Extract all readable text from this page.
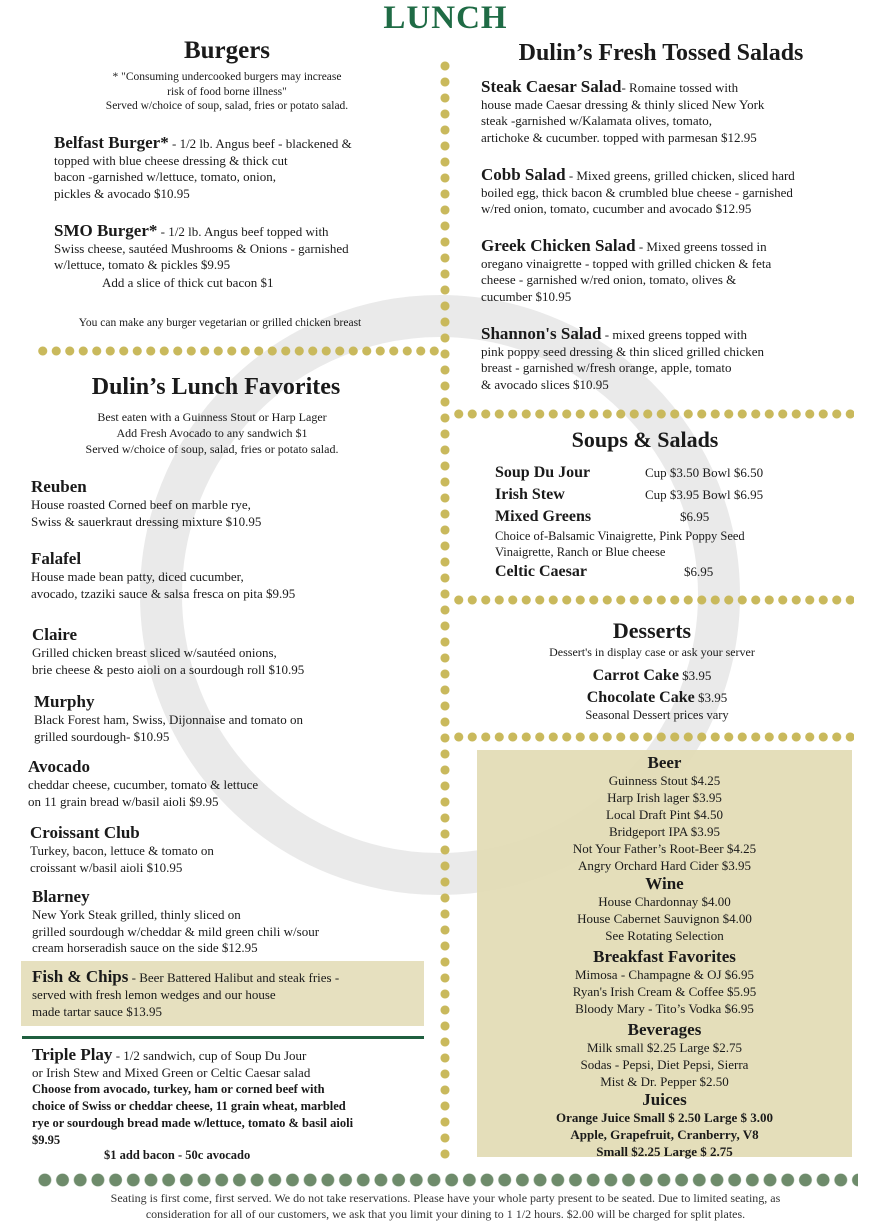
LUNCH
Burgers
* "Consuming undercooked burgers may increase
risk of food borne illness"
Served w/choice of soup, salad, fries or potato salad.
Belfast Burger* - 1/2 lb. Angus beef - blackened &
topped with blue cheese dressing & thick cut
bacon -garnished w/lettuce, tomato, onion,
pickles & avocado $10.95
SMO Burger* - 1/2 lb. Angus beef topped with
Swiss cheese, sautéed Mushrooms & Onions - garnished
w/lettuce, tomato & pickles $9.95
Add a slice of thick cut bacon $1
You can make any burger vegetarian or grilled chicken breast
Dulin’s Lunch Favorites
Best eaten with a Guinness Stout or Harp Lager
Add Fresh Avocado to any sandwich $1
Served w/choice of soup, salad, fries or potato salad.
Reuben
House roasted Corned beef on marble rye,
Swiss & sauerkraut dressing mixture $10.95
Falafel
House made bean patty, diced cucumber,
avocado, tzaziki sauce & salsa fresca on pita $9.95
Claire
Grilled chicken breast sliced w/sautéed onions,
brie cheese & pesto aioli on a sourdough roll $10.95
Murphy
Black Forest ham, Swiss, Dijonnaise and tomato on
grilled sourdough- $10.95
Avocado
cheddar cheese, cucumber, tomato & lettuce
on 11 grain bread w/basil aioli $9.95
Croissant Club
Turkey, bacon, lettuce & tomato on
croissant w/basil aioli $10.95
Blarney
New York Steak grilled, thinly sliced on
grilled sourdough w/cheddar & mild green chili w/sour
cream horseradish sauce on the side $12.95
Fish & Chips - Beer Battered Halibut and steak fries -
served with fresh lemon wedges and our house
made tartar sauce $13.95
Triple Play - 1/2 sandwich, cup of Soup Du Jour
or Irish Stew and Mixed Green or Celtic Caesar salad
Choose from avocado, turkey, ham or corned beef with
choice of Swiss or cheddar cheese, 11 grain wheat, marbled
rye or sourdough bread made w/lettuce, tomato & basil aioli
$9.95
$1 add bacon - 50c avocado
Dulin’s Fresh Tossed Salads
Steak Caesar Salad- Romaine tossed with
house made Caesar dressing & thinly sliced New York
steak -garnished w/Kalamata olives, tomato,
artichoke & cucumber. topped with parmesan $12.95
Cobb Salad - Mixed greens, grilled chicken, sliced hard
boiled egg, thick bacon & crumbled blue cheese - garnished
w/red onion, tomato, cucumber and avocado $12.95
Greek Chicken Salad - Mixed greens tossed in
oregano vinaigrette - topped with grilled chicken & feta
cheese - garnished w/red onion, tomato, olives &
cucumber $10.95
Shannon's Salad - mixed greens topped with
pink poppy seed dressing & thin sliced grilled chicken
breast - garnished w/fresh orange, apple, tomato
& avocado slices $10.95
Soups & Salads
Soup Du Jour	Cup $3.50 Bowl $6.50
Irish Stew	Cup $3.95 Bowl $6.95
Mixed Greens	$6.95
Choice of-Balsamic Vinaigrette, Pink Poppy Seed
Vinaigrette, Ranch or Blue cheese
Celtic Caesar	$6.95
Desserts
Dessert's in display case or ask your server
Carrot Cake $3.95
Chocolate Cake $3.95
Seasonal Dessert prices vary
Beer
Guinness Stout $4.25
Harp Irish lager $3.95
Local Draft Pint $4.50
Bridgeport IPA $3.95
Not Your Father’s Root-Beer $4.25
Angry Orchard Hard Cider $3.95
Wine
House Chardonnay $4.00
House Cabernet Sauvignon $4.00
See Rotating Selection
Breakfast Favorites
Mimosa - Champagne & OJ $6.95
Ryan's Irish Cream & Coffee $5.95
Bloody Mary - Tito’s Vodka $6.95
Beverages
Milk small $2.25 Large $2.75
Sodas - Pepsi, Diet Pepsi, Sierra
Mist & Dr. Pepper $2.50
Juices
Orange Juice Small $ 2.50 Large $ 3.00
Apple, Grapefruit, Cranberry, V8
Small $2.25 Large $ 2.75
Seating is first come, first served. We do not take reservations. Please have your whole party present to be seated. Due to limited seating, as
consideration for all of our customers, we ask that you limit your dining to 1 1/2 hours. $2.00 will be charged for split plates.
